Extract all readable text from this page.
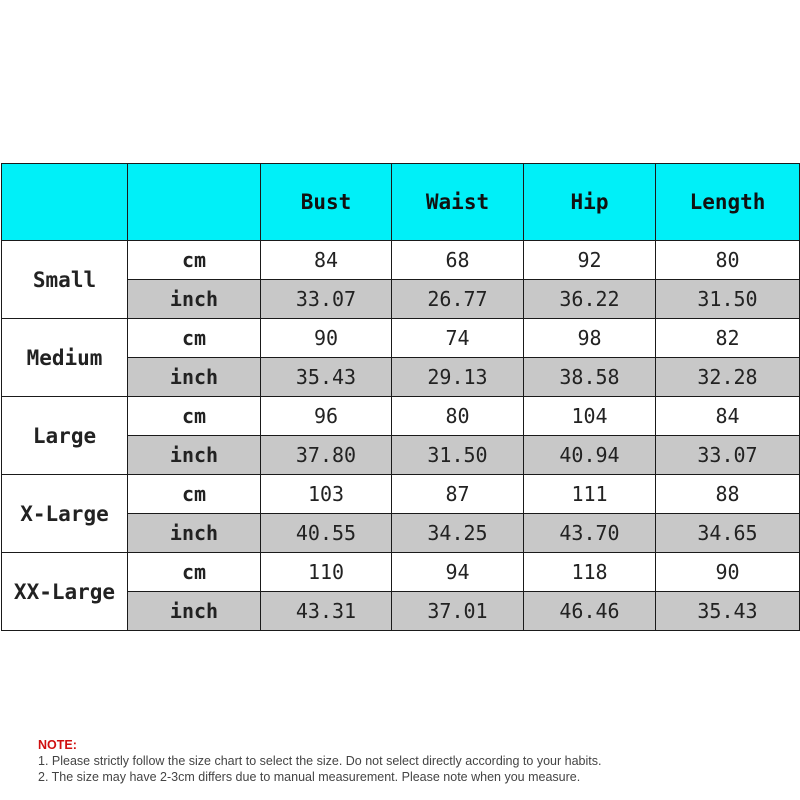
		Bust	Waist	Hip	Length
Small	cm	84	68	92	80
	inch	33.07	26.77	36.22	31.50
Medium	cm	90	74	98	82
	inch	35.43	29.13	38.58	32.28
Large	cm	96	80	104	84
	inch	37.80	31.50	40.94	33.07
X-Large	cm	103	87	111	88
	inch	40.55	34.25	43.70	34.65
XX-Large	cm	110	94	118	90
	inch	43.31	37.01	46.46	35.43
NOTE:
1. Please strictly follow the size chart to select the size. Do not select directly according to your habits.
2. The size may have 2-3cm differs due to manual measurement. Please note when you measure.
